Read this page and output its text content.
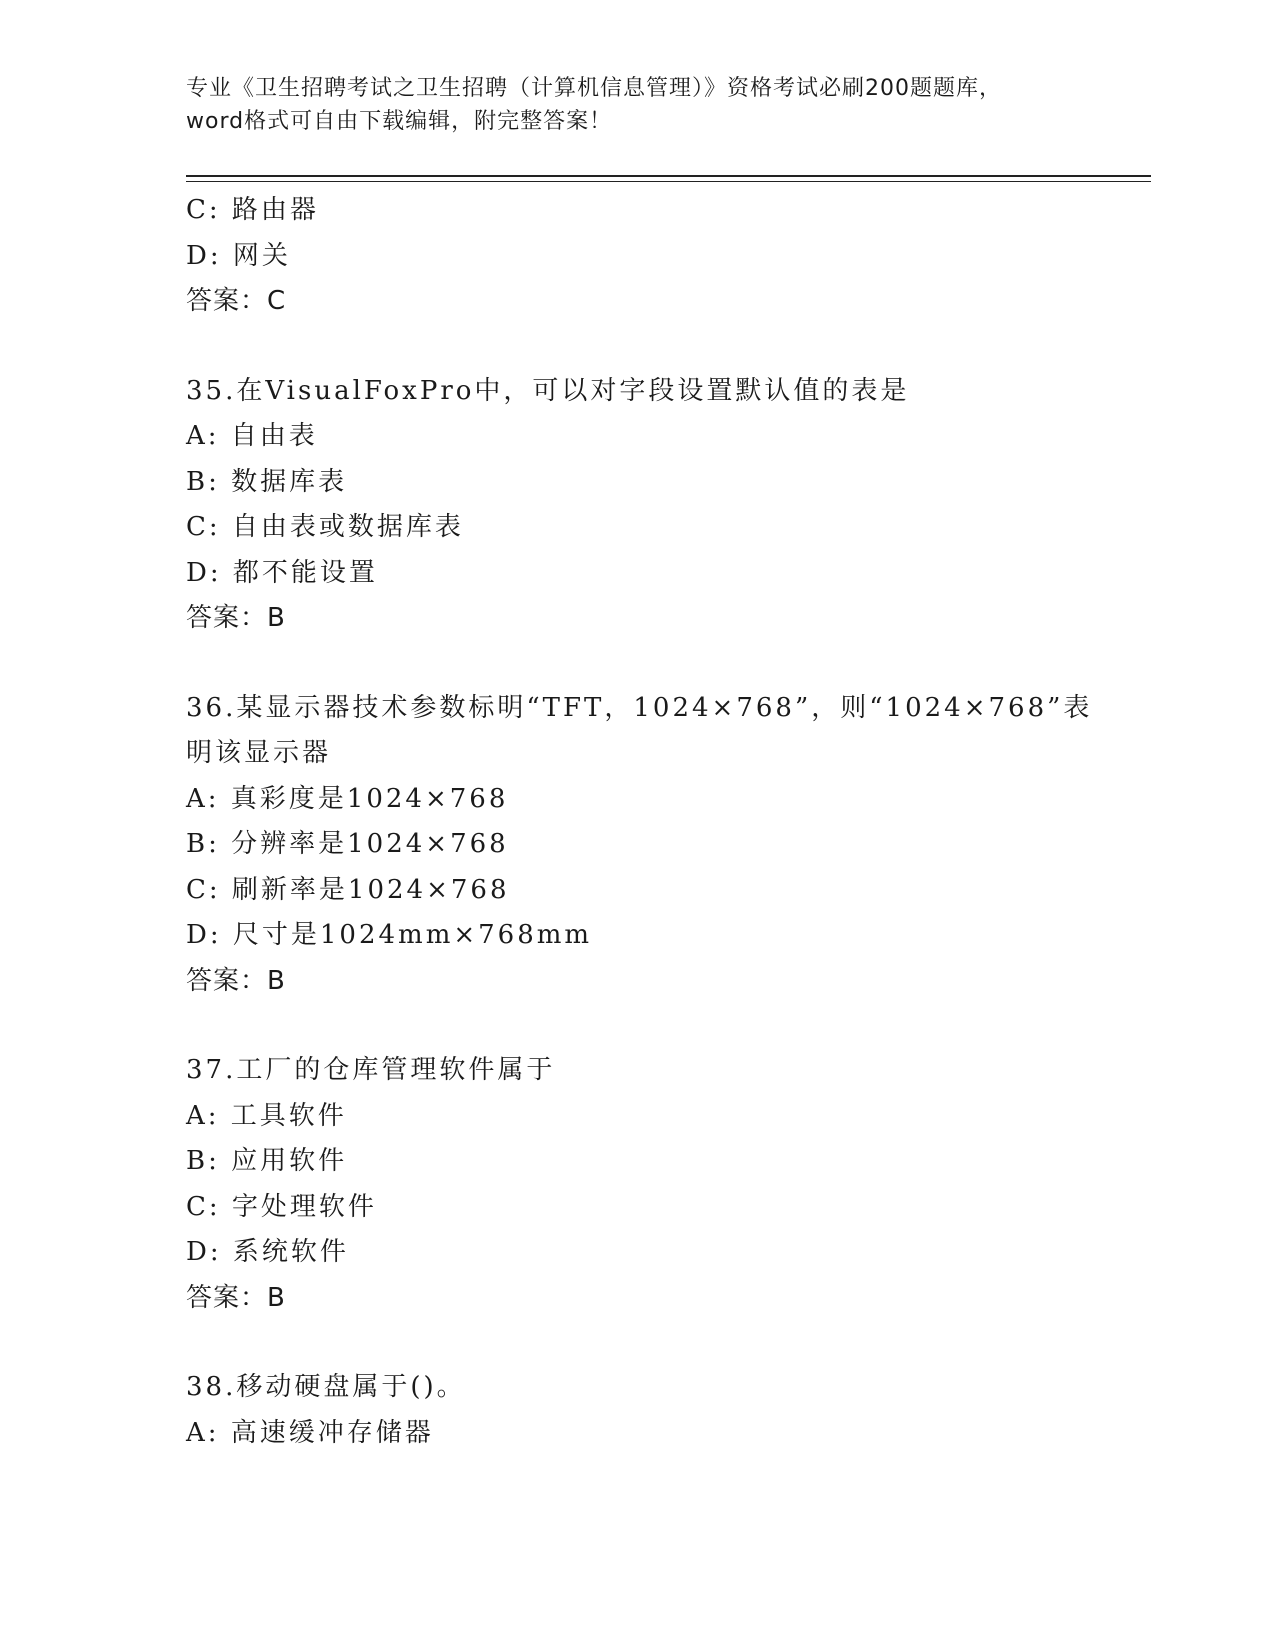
专业《卫生招聘考试之卫生招聘（计算机信息管理）》资格考试必刷200题题库，
word格式可自由下载编辑，附完整答案！
C: 路由器
D: 网关
答案：C
35.在VisualFoxPro中，可以对字段设置默认值的表是
A: 自由表
B: 数据库表
C: 自由表或数据库表
D: 都不能设置
答案：B
36.某显示器技术参数标明“TFT，1024×768”，则“1024×768”表
明该显示器
A: 真彩度是1024×768
B: 分辨率是1024×768
C: 刷新率是1024×768
D: 尺寸是1024mm×768mm
答案：B
37.工厂的仓库管理软件属于
A: 工具软件
B: 应用软件
C: 字处理软件
D: 系统软件
答案：B
38.移动硬盘属于()。
A: 高速缓冲存储器
